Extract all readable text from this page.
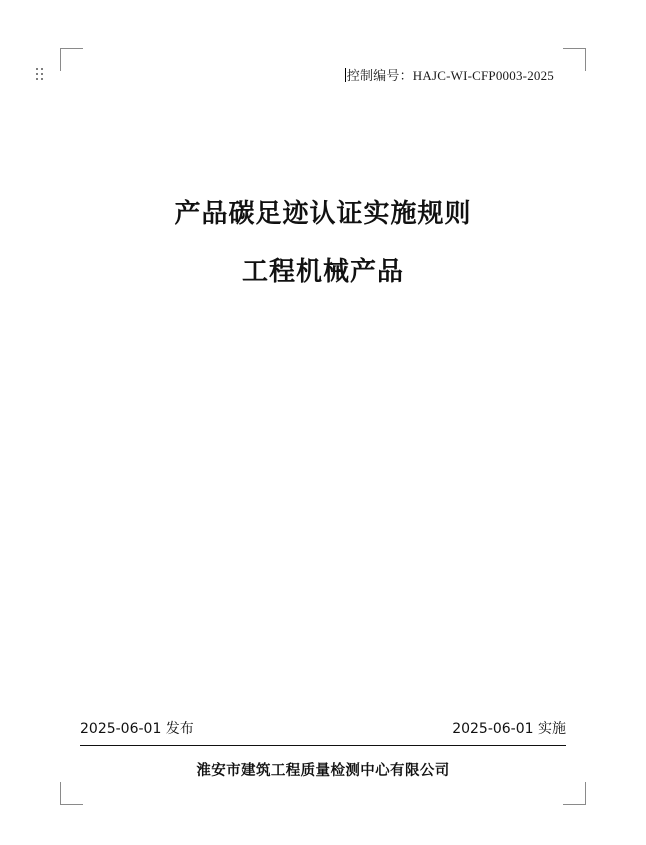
控制编号：HAJC-WI-CFP0003-2025
产品碳足迹认证实施规则
工程机械产品
2025-06-01 发布	2025-06-01 实施
淮安市建筑工程质量检测中心有限公司
